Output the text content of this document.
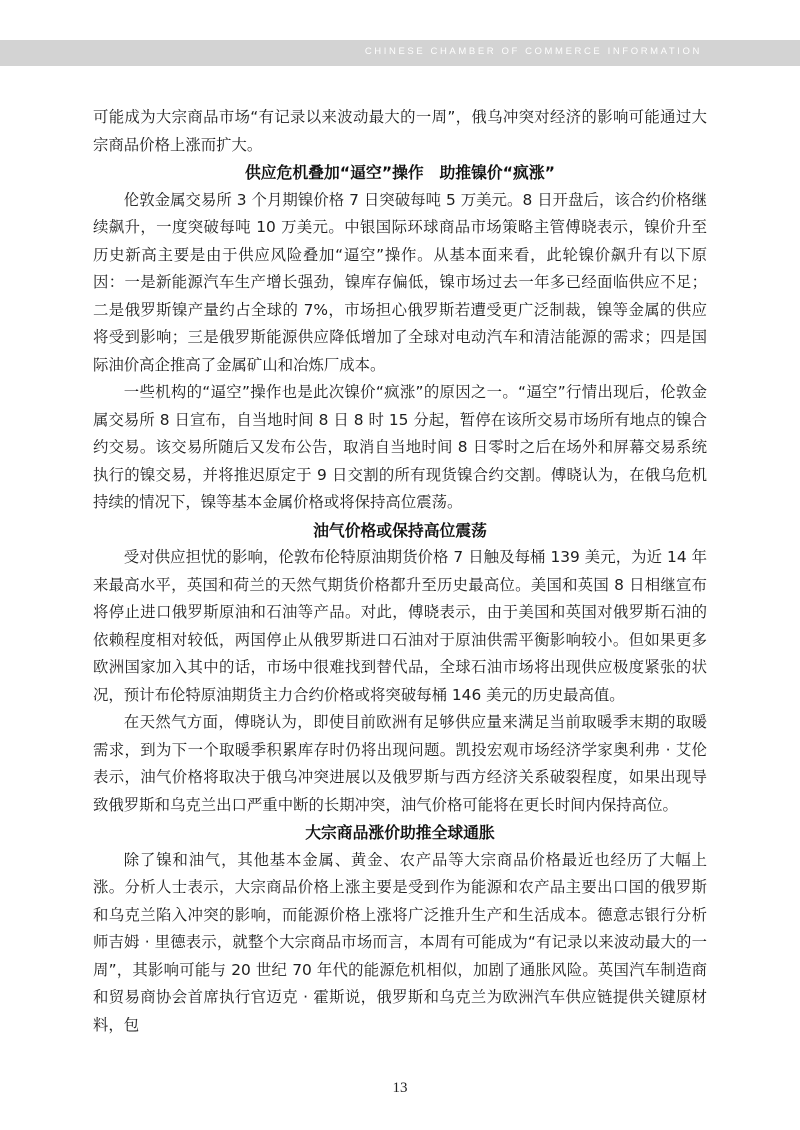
CHINESE CHAMBER OF COMMERCE INFORMATION

可能成为大宗商品市场“有记录以来波动最大的一周”，俄乌冲突对经济的影响可能通过大宗商品价格上涨而扩大。

供应危机叠加“逼空”操作　助推镍价“疯涨”

伦敦金属交易所 3 个月期镍价格 7 日突破每吨 5 万美元。8 日开盘后，该合约价格继续飙升，一度突破每吨 10 万美元。中银国际环球商品市场策略主管傅晓表示，镍价升至历史新高主要是由于供应风险叠加“逼空”操作。从基本面来看，此轮镍价飙升有以下原因：一是新能源汽车生产增长强劲，镍库存偏低，镍市场过去一年多已经面临供应不足；二是俄罗斯镍产量约占全球的 7%，市场担心俄罗斯若遭受更广泛制裁，镍等金属的供应将受到影响；三是俄罗斯能源供应降低增加了全球对电动汽车和清洁能源的需求；四是国际油价高企推高了金属矿山和冶炼厂成本。

一些机构的“逼空”操作也是此次镍价“疯涨”的原因之一。“逼空”行情出现后，伦敦金属交易所 8 日宣布，自当地时间 8 日 8 时 15 分起，暂停在该所交易市场所有地点的镍合约交易。该交易所随后又发布公告，取消自当地时间 8 日零时之后在场外和屏幕交易系统执行的镍交易，并将推迟原定于 9 日交割的所有现货镍合约交割。傅晓认为，在俄乌危机持续的情况下，镍等基本金属价格或将保持高位震荡。

油气价格或保持高位震荡

受对供应担忧的影响，伦敦布伦特原油期货价格 7 日触及每桶 139 美元，为近 14 年来最高水平，英国和荷兰的天然气期货价格都升至历史最高位。美国和英国 8 日相继宣布将停止进口俄罗斯原油和石油等产品。对此，傅晓表示，由于美国和英国对俄罗斯石油的依赖程度相对较低，两国停止从俄罗斯进口石油对于原油供需平衡影响较小。但如果更多欧洲国家加入其中的话，市场中很难找到替代品，全球石油市场将出现供应极度紧张的状况，预计布伦特原油期货主力合约价格或将突破每桶 146 美元的历史最高值。

在天然气方面，傅晓认为，即使目前欧洲有足够供应量来满足当前取暖季末期的取暖需求，到为下一个取暖季积累库存时仍将出现问题。凯投宏观市场经济学家奥利弗 · 艾伦表示，油气价格将取决于俄乌冲突进展以及俄罗斯与西方经济关系破裂程度，如果出现导致俄罗斯和乌克兰出口严重中断的长期冲突，油气价格可能将在更长时间内保持高位。

大宗商品涨价助推全球通胀

除了镍和油气，其他基本金属、黄金、农产品等大宗商品价格最近也经历了大幅上涨。分析人士表示，大宗商品价格上涨主要是受到作为能源和农产品主要出口国的俄罗斯和乌克兰陷入冲突的影响，而能源价格上涨将广泛推升生产和生活成本。德意志银行分析师吉姆 · 里德表示，就整个大宗商品市场而言，本周有可能成为“有记录以来波动最大的一周”，其影响可能与 20 世纪 70 年代的能源危机相似，加剧了通胀风险。英国汽车制造商和贸易商协会首席执行官迈克 · 霍斯说，俄罗斯和乌克兰为欧洲汽车供应链提供关键原材料，包

13
